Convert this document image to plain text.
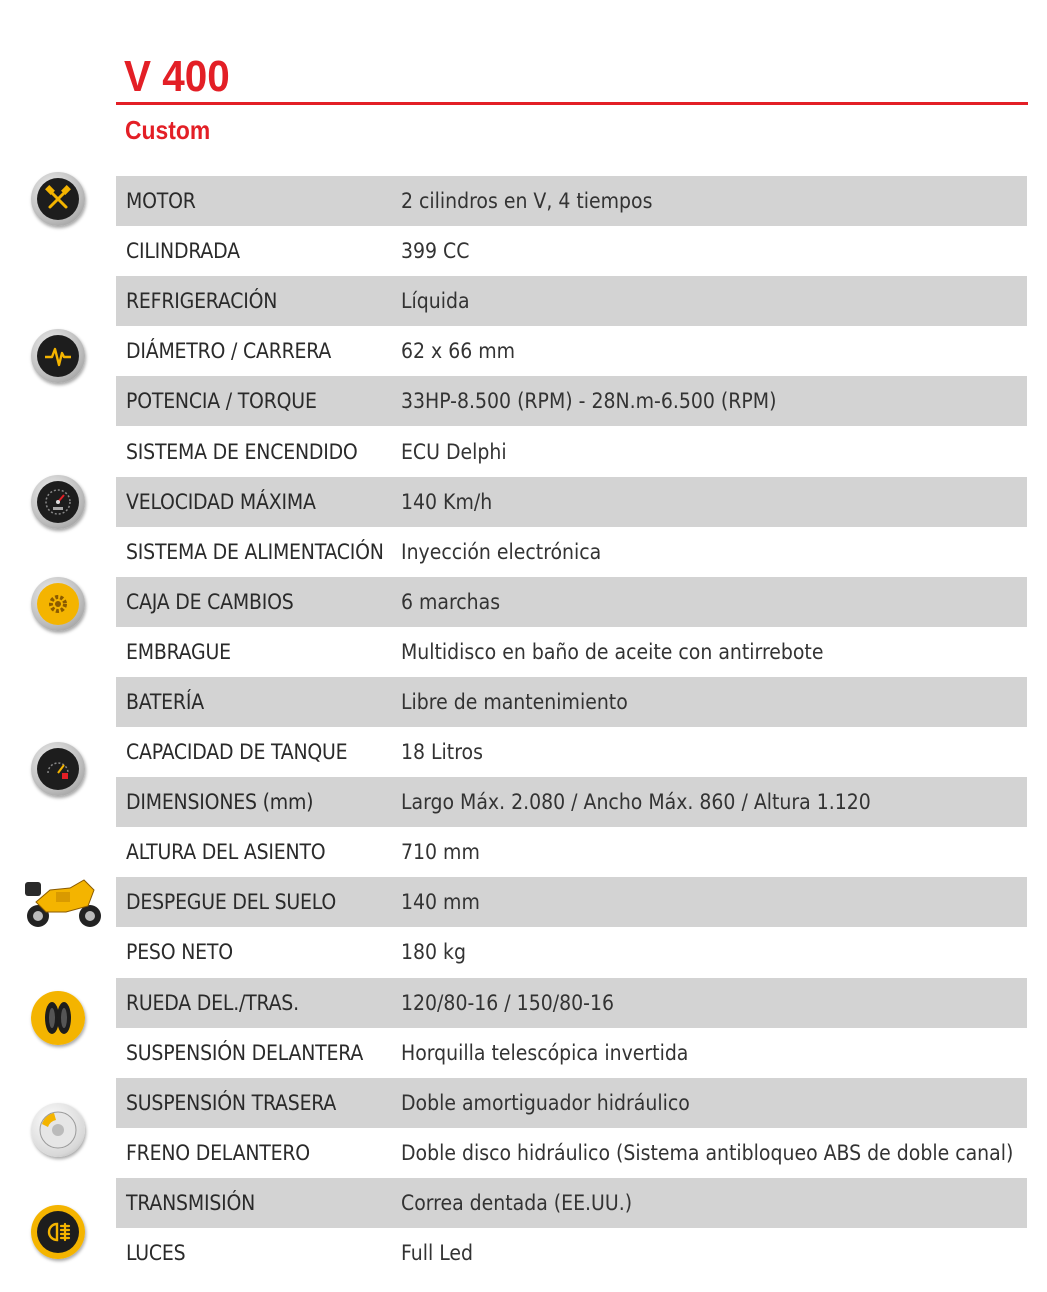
V 400
Custom
MOTOR	2 cilindros en V, 4 tiempos
CILINDRADA	399 CC
REFRIGERACIÓN	Líquida
DIÁMETRO / CARRERA	62 x 66 mm
POTENCIA / TORQUE	33HP-8.500 (RPM) - 28N.m-6.500 (RPM)
SISTEMA DE ENCENDIDO	ECU Delphi
VELOCIDAD MÁXIMA	140 Km/h
SISTEMA DE ALIMENTACIÓN Inyección electrónica
CAJA DE CAMBIOS	6 marchas
EMBRAGUE	Multidisco en baño de aceite con antirrebote
BATERÍA	Libre de mantenimiento
CAPACIDAD DE TANQUE	18 Litros
DIMENSIONES (mm)	Largo Máx. 2.080 / Ancho Máx. 860 / Altura 1.120
ALTURA DEL ASIENTO	710 mm
DESPEGUE DEL SUELO	140 mm
PESO NETO	180 kg
RUEDA DEL./TRAS.	120/80-16 / 150/80-16
SUSPENSIÓN DELANTERA	Horquilla telescópica invertida
SUSPENSIÓN TRASERA	Doble amortiguador hidráulico
FRENO DELANTERO	Doble disco hidráulico (Sistema antibloqueo ABS de doble canal)
TRANSMISIÓN	Correa dentada (EE.UU.)
LUCES	Full Led
